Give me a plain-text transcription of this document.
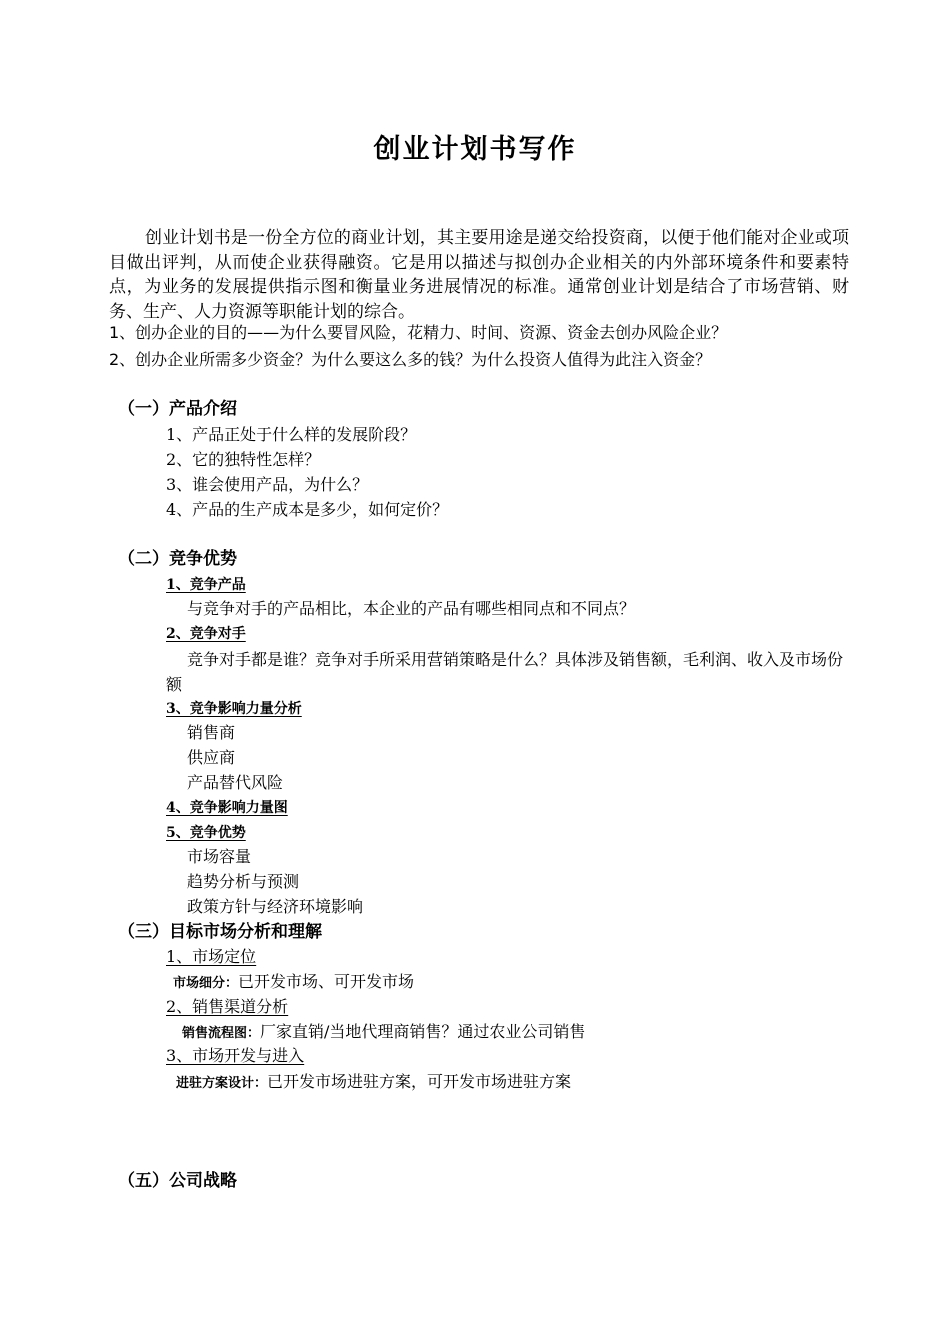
创业计划书写作

创业计划书是一份全方位的商业计划，其主要用途是递交给投资商，以便于他们能对企业或项目做出评判，从而使企业获得融资。它是用以描述与拟创办企业相关的内外部环境条件和要素特点，为业务的发展提供指示图和衡量业务进展情况的标准。通常创业计划是结合了市场营销、财务、生产、人力资源等职能计划的综合。

1、创办企业的目的——为什么要冒风险，花精力、时间、资源、资金去创办风险企业？
2、创办企业所需多少资金？为什么要这么多的钱？为什么投资人值得为此注入资金？
（一）产品介绍
1、产品正处于什么样的发展阶段？
2、它的独特性怎样？
3、谁会使用产品，为什么？
4、产品的生产成本是多少，如何定价？
（二）竞争优势
1、竞争产品
与竞争对手的产品相比，本企业的产品有哪些相同点和不同点？
2、竞争对手

竞争对手都是谁？竞争对手所采用营销策略是什么？具体涉及销售额，毛利润、收入及市场份额

3、竞争影响力量分析
销售商
供应商
产品替代风险
4、竞争影响力量图
5、竞争优势
市场容量
趋势分析与预测
政策方针与经济环境影响
（三）目标市场分析和理解
1、市场定位
市场细分：已开发市场、可开发市场
2、销售渠道分析
销售流程图：厂家直销/当地代理商销售？通过农业公司销售
3、市场开发与进入
进驻方案设计：已开发市场进驻方案，可开发市场进驻方案
（五）公司战略
